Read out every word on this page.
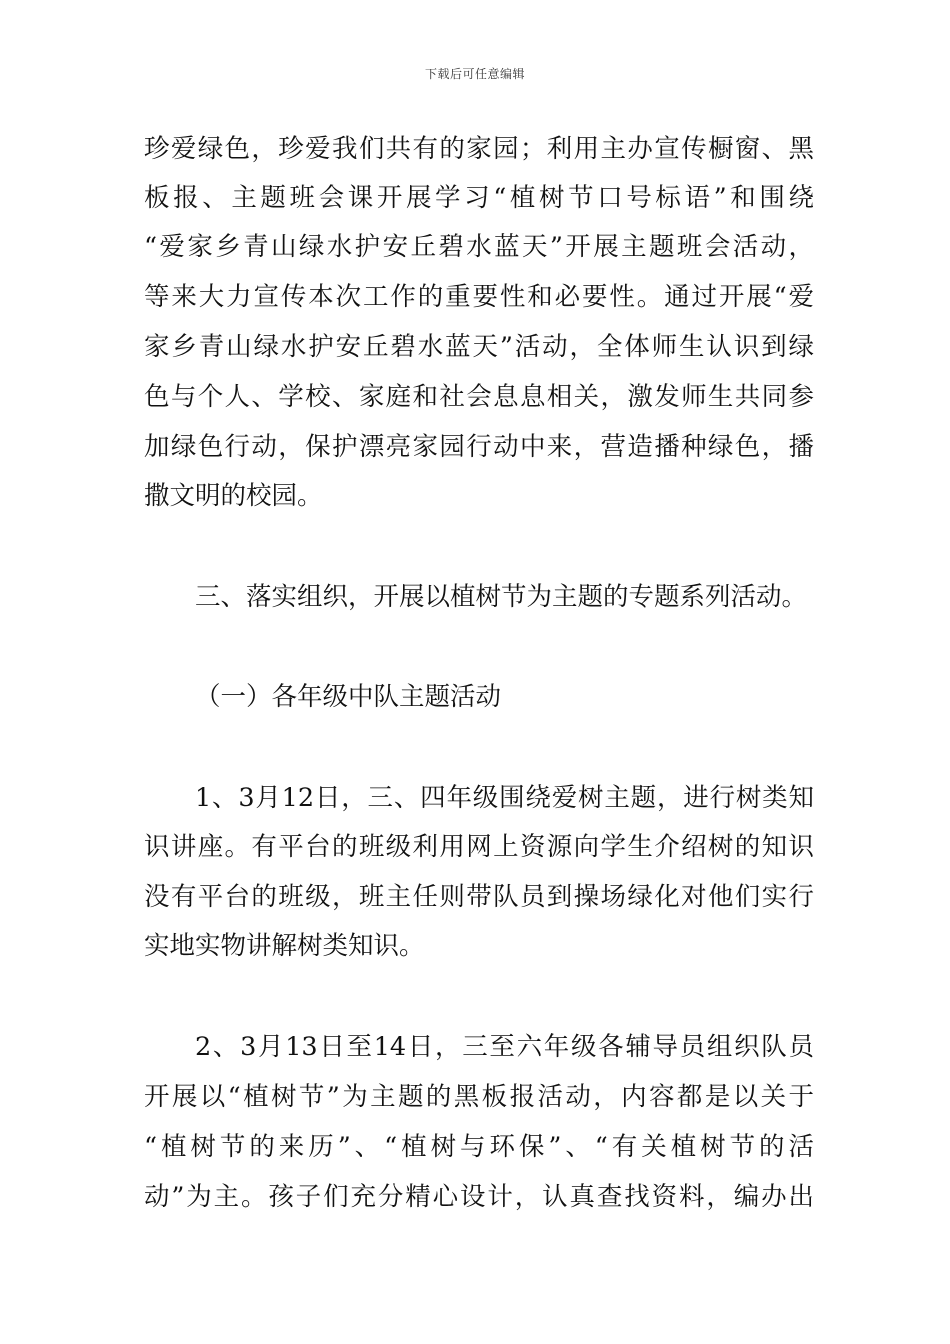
下载后可任意编辑
珍爱绿色，珍爱我们共有的家园；利用主办宣传橱窗、黑
板报、主题班会课开展学习“植树节口号标语”和围绕
“爱家乡青山绿水护安丘碧水蓝天”开展主题班会活动，
等来大力宣传本次工作的重要性和必要性。通过开展“爱
家乡青山绿水护安丘碧水蓝天”活动，全体师生认识到绿
色与个人、学校、家庭和社会息息相关，激发师生共同参
加绿色行动，保护漂亮家园行动中来，营造播种绿色，播
撒文明的校园。
三、落实组织，开展以植树节为主题的专题系列活动。
（一）各年级中队主题活动
1、3月12日，三、四年级围绕爱树主题，进行树类知
识讲座。有平台的班级利用网上资源向学生介绍树的知识
没有平台的班级，班主任则带队员到操场绿化对他们实行
实地实物讲解树类知识。
2、3月13日至14日，三至六年级各辅导员组织队员
开展以“植树节”为主题的黑板报活动，内容都是以关于
“植树节的来历”、“植树与环保”、“有关植树节的活
动”为主。孩子们充分精心设计，认真查找资料，编办出
